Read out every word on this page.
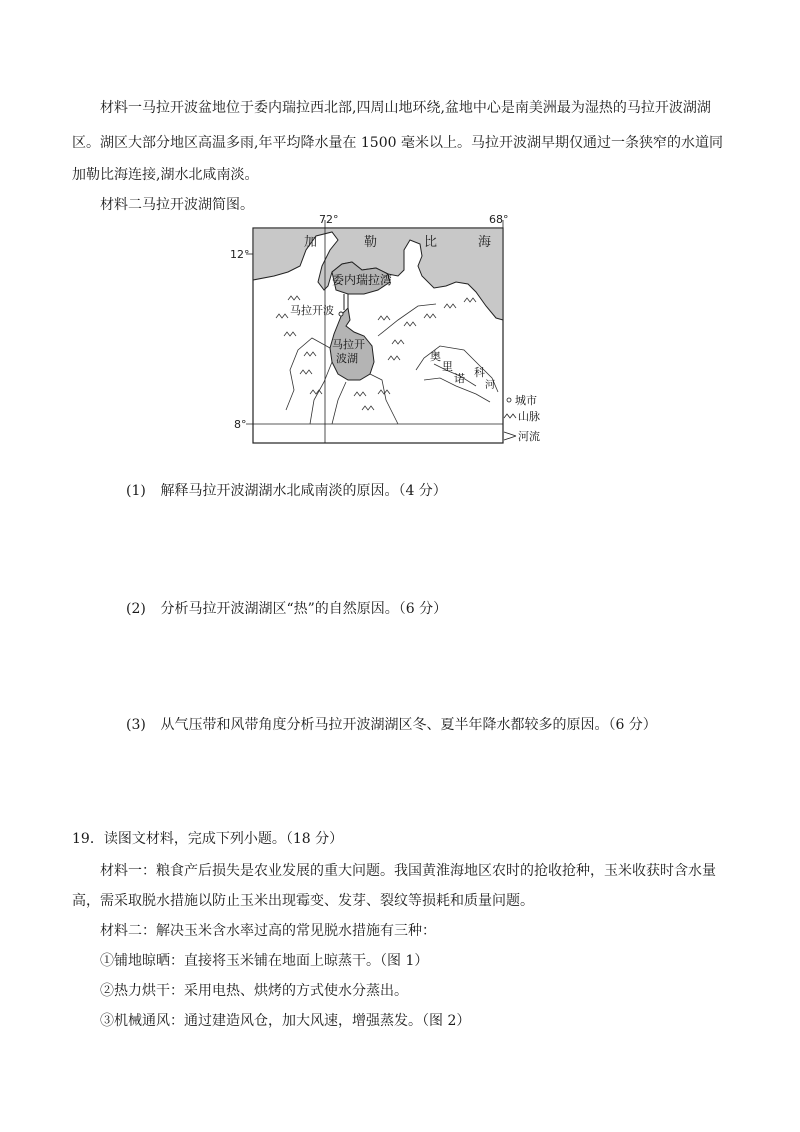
材料一马拉开波盆地位于委内瑞拉西北部,四周山地环绕,盆地中心是南美洲最为湿热的马拉开波湖湖

区。湖区大部分地区高温多雨,年平均降水量在 1500 毫米以上。马拉开波湖早期仅通过一条狭窄的水道同
加勒比海连接,湖水北咸南淡。
材料二马拉开波湖简图。
72°	68°
12°
8°
加	勒	比	海
委内瑞拉湾
马拉开波
马拉开
波湖	奥
里
诺 科
河
城市
山脉
河流
(1) 解释马拉开波湖湖水北咸南淡的原因。（4 分）
(2) 分析马拉开波湖湖区“热”的自然原因。（6 分）
(3) 从气压带和风带角度分析马拉开波湖湖区冬、夏半年降水都较多的原因。（6 分）
19．读图文材料，完成下列小题。（18 分）
材料一：粮食产后损失是农业发展的重大问题。我国黄淮海地区农时的抢收抢种，玉米收获时含水量
高，需采取脱水措施以防止玉米出现霉变、发芽、裂纹等损耗和质量问题。
材料二：解决玉米含水率过高的常见脱水措施有三种：
①铺地晾晒：直接将玉米铺在地面上晾蒸干。（图 1）
②热力烘干：采用电热、烘烤的方式使水分蒸出。
③机械通风：通过建造风仓，加大风速，增强蒸发。（图 2）
